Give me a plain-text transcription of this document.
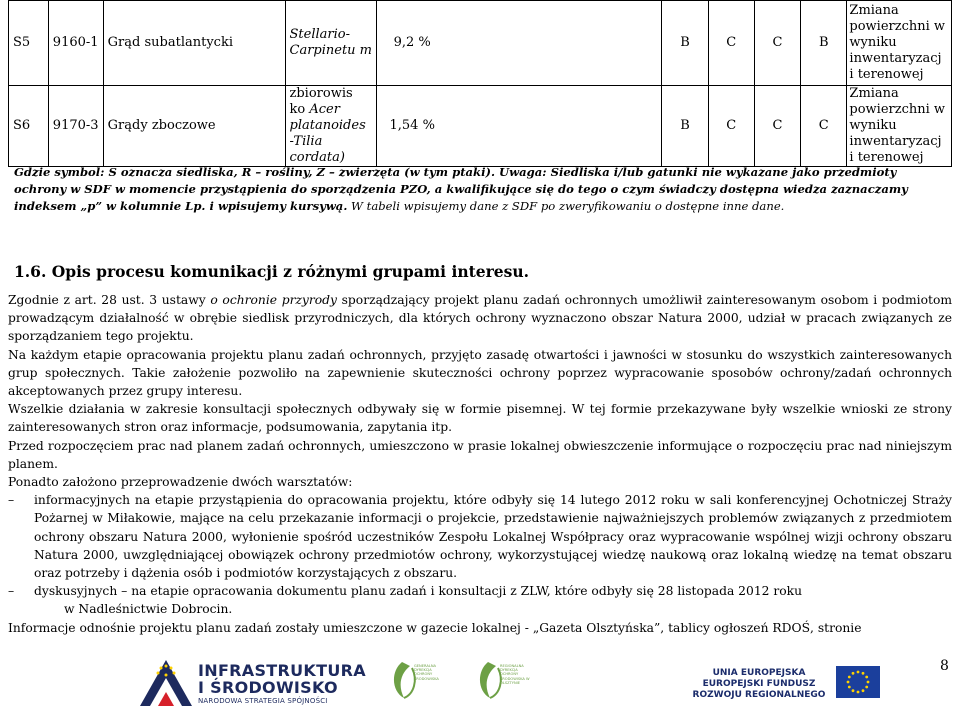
S5	9160-1	Grąd subatlantycki	Stellario-Carpinetu m	9,2 %	B	C	C	B	Zmiana powierzchni w wyniku inwentaryzacj i terenowej
S6	9170-3	Grądy zboczowe	zbiorowis ko Acer platanoides -Tilia cordata)	1,54 %	B	C	C	C	Zmiana powierzchni w wyniku inwentaryzacj i terenowej
Gdzie symbol: S oznacza siedliska, R – rośliny, Z – zwierzęta (w tym ptaki). Uwaga: Siedliska i/lub gatunki nie wykazane jako przedmioty ochrony w SDF w momencie przystąpienia do sporządzenia PZO, a kwalifikujące się do tego o czym świadczy dostępna wiedza zaznaczamy indeksem „p” w kolumnie Lp. i wpisujemy kursywą. W tabeli wpisujemy dane z SDF po zweryfikowaniu o dostępne inne dane.
1.6. Opis procesu komunikacji z różnymi grupami interesu.

Zgodnie z art. 28 ust. 3 ustawy o ochronie przyrody sporządzający projekt planu zadań ochronnych umożliwił zainteresowanym osobom i podmiotom prowadzącym działalność w obrębie siedlisk przyrodniczych, dla których ochrony wyznaczono obszar Natura 2000, udział w pracach związanych ze sporządzaniem tego projektu.

Na każdym etapie opracowania projektu planu zadań ochronnych, przyjęto zasadę otwartości i jawności w stosunku do wszystkich zainteresowanych grup społecznych. Takie założenie pozwoliło na zapewnienie skuteczności ochrony poprzez wypracowanie sposobów ochrony/zadań ochronnych akceptowanych przez grupy interesu.

Wszelkie działania w zakresie konsultacji społecznych odbywały się w formie pisemnej. W tej formie przekazywane były wszelkie wnioski ze strony zainteresowanych stron oraz informacje, podsumowania, zapytania itp.

Przed rozpoczęciem prac nad planem zadań ochronnych, umieszczono w prasie lokalnej obwieszczenie informujące o rozpoczęciu prac nad niniejszym planem.

Ponadto założono przeprowadzenie dwóch warsztatów:

– informacyjnych na etapie przystąpienia do opracowania projektu, które odbyły się 14 lutego 2012 roku w sali konferencyjnej Ochotniczej Straży Pożarnej w Miłakowie, mające na celu przekazanie informacji o projekcie, przedstawienie najważniejszych problemów związanych z przedmiotem ochrony obszaru Natura 2000, wyłonienie spośród uczestników Zespołu Lokalnej Współpracy oraz wypracowanie wspólnej wizji ochrony obszaru Natura 2000, uwzględniającej obowiązek ochrony przedmiotów ochrony, wykorzystującej wiedzę naukową oraz lokalną wiedzę na temat obszaru oraz potrzeby i dążenia osób i podmiotów korzystających z obszaru.
– dyskusyjnych – na etapie opracowania dokumentu planu zadań i konsultacji z ZLW, które odbyły się 28 listopada 2012 roku
w Nadleśnictwie Dobrocin.

Informacje odnośnie projektu planu zadań zostały umieszczone w gazecie lokalnej - „Gazeta Olsztyńska”, tablicy ogłoszeń RDOŚ, stronie

8
INFRASTRUKTURA
I ŚRODOWISKO
NARODOWA STRATEGIA SPÓJNOŚCI
GENERALNA DYREKCJA OCHRONY ŚRODOWISKA
REGIONALNA DYREKCJA OCHRONY ŚRODOWISKA W OLSZTYNIE
UNIA EUROPEJSKA
EUROPEJSKI FUNDUSZ
ROZWOJU REGIONALNEGO
